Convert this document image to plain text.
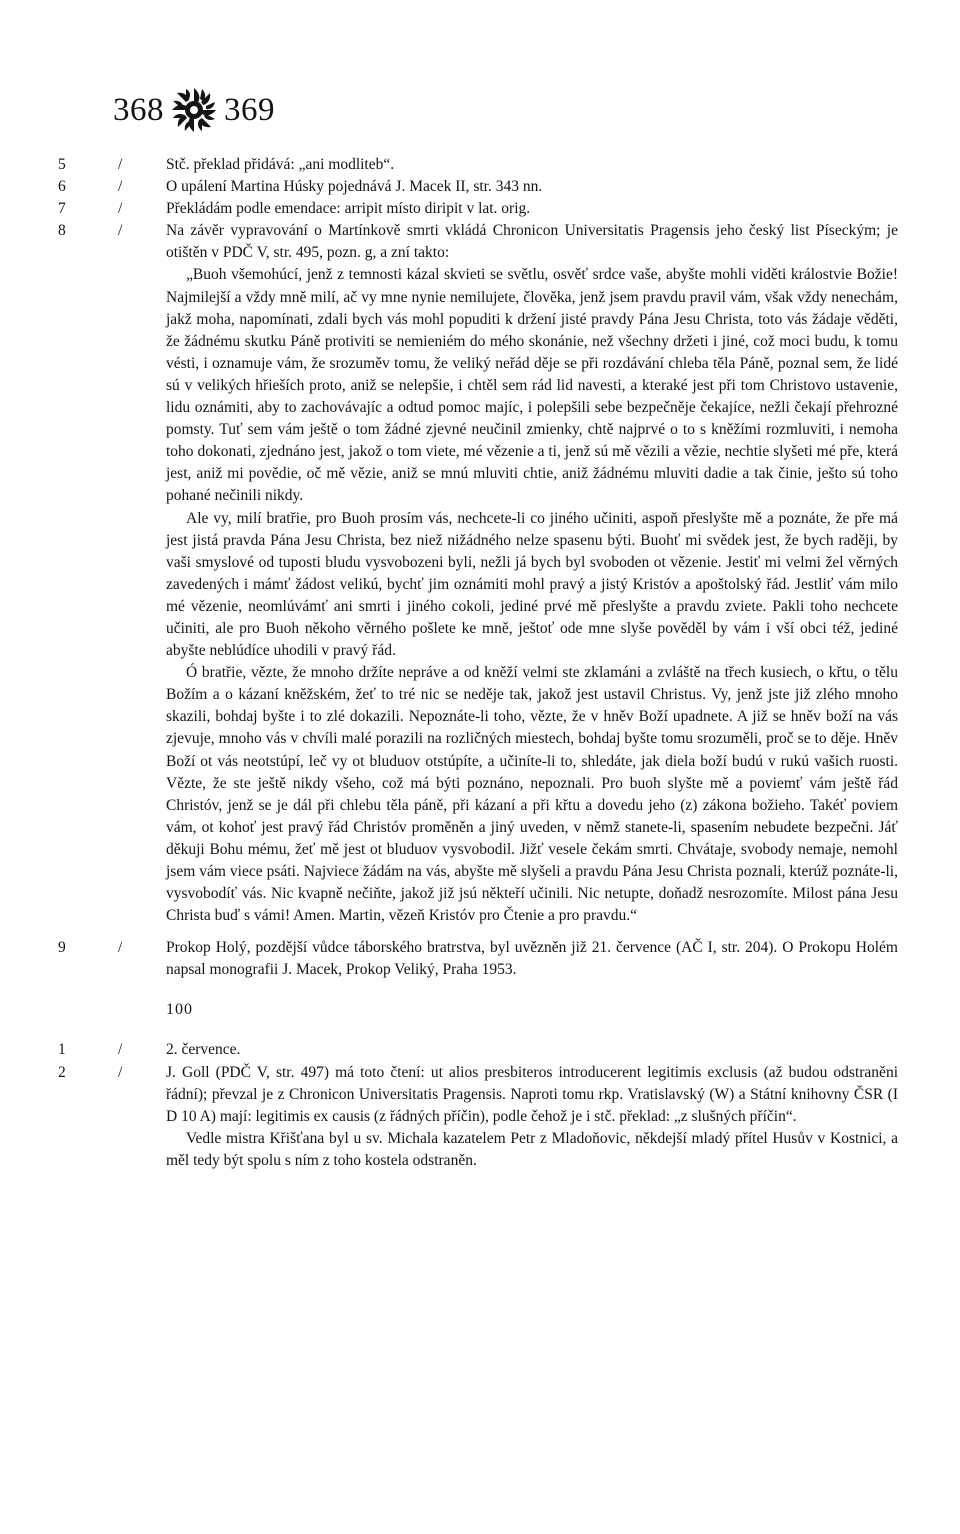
368 369
5	/	Stč. překlad přidává: „ani modliteb“.

6	/	O upálení Martina Húsky pojednává J. Macek II, str. 343 nn.

7	/	Překládám podle emendace: arripit místo diripit v lat. orig.

8	/	Na závěr vypravování o Martínkově smrti vkládá Chronicon Universitatis Pragensis jeho český list Píseckým; je otištěn v PDČ V, str. 495, pozn. g, a zní takto:

„Buoh všemohúcí, jenž z temnosti kázal skvieti se světlu, osvěť srdce vaše, abyšte mohli viděti králostvie Božie! Najmilejší a vždy mně milí, ač vy mne nynie nemilujete, člověka, jenž jsem pravdu pravil vám, však vždy nenechám, jakž moha, napomínati, zdali bych vás mohl popuditi k držení jisté pravdy Pána Jesu Christa, toto vás žádaje věděti, že žádnému skutku Páně protiviti se nemieniém do mého skonánie, než všechny držeti i jiné, což moci budu, k tomu vésti, i oznamuje vám, že srozuměv tomu, že veliký neřád děje se při rozdávání chleba těla Páně, poznal sem, že lidé sú v velikých hřieších proto, aniž se nelepšie, i chtěl sem rád lid navesti, a kteraké jest při tom Christovo ustavenie, lidu oznámiti, aby to zachovávajíc a odtud pomoc majíc, i polepšili sebe bezpečněje čekajíce, nežli čekají přehrozné pomsty. Tuť sem vám ještě o tom žádné zjevné neučinil zmienky, chtě najprvé o to s kněžími rozmluviti, i nemoha toho dokonati, zjednáno jest, jakož o tom viete, mé vězenie a ti, jenž sú mě vězili a vězie, nechtie slyšeti mé pře, která jest, aniž mi povědie, oč mě vězie, aniž se mnú mluviti chtie, aniž žádnému mluviti dadie a tak činie, ješto sú toho pohané nečinili nikdy.

Ale vy, milí bratřie, pro Buoh prosím vás, nechcete-li co jiného učiniti, aspoň přeslyšte mě a poznáte, že pře má jest jistá pravda Pána Jesu Christa, bez niež nižádného nelze spasenu býti. Buohť mi svědek jest, že bych raději, by vaši smyslové od tuposti bludu vysvobozeni byli, nežli já bych byl svoboden ot vězenie. Jestiť mi velmi žel věrných zavedených i mámť žádost velikú, bychť jim oznámiti mohl pravý a jistý Kristóv a apoštolský řád. Jestliť vám milo mé vězenie, neomlúvámť ani smrti i jiného cokoli, jediné prvé mě přeslyšte a pravdu zviete. Pakli toho nechcete učiniti, ale pro Buoh někoho věrného pošlete ke mně, ještoť ode mne slyše pověděl by vám i vší obci též, jediné abyšte neblúdíce uhodili v pravý řád.

Ó bratřie, vězte, že mnoho držíte nepráve a od kněží velmi ste zklamáni a zvláště na třech kusiech, o křtu, o tělu Božím a o kázaní kněžském, žeť to tré nic se neděje tak, jakož jest ustavil Christus. Vy, jenž jste již zlého mnoho skazili, bohdaj byšte i to zlé dokazili. Nepoznáte-li toho, vězte, že v hněv Boží upadnete. A již se hněv boží na vás zjevuje, mnoho vás v chvíli malé porazili na rozličných miestech, bohdaj byšte tomu srozuměli, proč se to děje. Hněv Boží ot vás neotstúpí, leč vy ot bluduov otstúpíte, a učiníte-li to, shledáte, jak diela boží budú v rukú vašich ruosti. Vězte, že ste ještě nikdy všeho, což má býti poznáno, nepoznali. Pro buoh slyšte mě a poviemť vám ještě řád Christóv, jenž se je dál při chlebu těla páně, při kázaní a při křtu a dovedu jeho (z) zákona božieho. Takéť poviem vám, ot kohoť jest pravý řád Christóv proměněn a jiný uveden, v němž stanete-li, spasením nebudete bezpečni. Jáť děkuji Bohu mému, žeť mě jest ot bluduov vysvobodil. Jižť vesele čekám smrti. Chvátaje, svobody nemaje, nemohl jsem vám viece psáti. Najviece žádám na vás, abyšte mě slyšeli a pravdu Pána Jesu Christa poznali, kterúž poznáte-li, vysvobodíť vás. Nic kvapně nečiňte, jakož již jsú někteří učinili. Nic netupte, doňadž nesrozomíte. Milost pána Jesu Christa buď s vámi! Amen. Martin, vězeň Kristóv pro Čtenie a pro pravdu.“

9	/	Prokop Holý, pozdější vůdce táborského bratrstva, byl uvězněn již 21. července (AČ I, str. 204). O Prokopu Holém napsal monografii J. Macek, Prokop Veliký, Praha 1953.

100
1	/	2. července.

2	/	J. Goll (PDČ V, str. 497) má toto čtení: ut alios presbiteros introducerent legitimis exclusis (až budou odstraněni řádní); převzal je z Chronicon Universitatis Pragensis. Naproti tomu rkp. Vratislavský (W) a Státní knihovny ČSR (I D 10 A) mají: legitimis ex causis (z řádných příčin), podle čehož je i stč. překlad: „z slušných příčin“.

Vedle mistra Křišťana byl u sv. Michala kazatelem Petr z Mladoňovic, někdejší mladý přítel Husův v Kostnici, a měl tedy být spolu s ním z toho kostela odstraněn.
